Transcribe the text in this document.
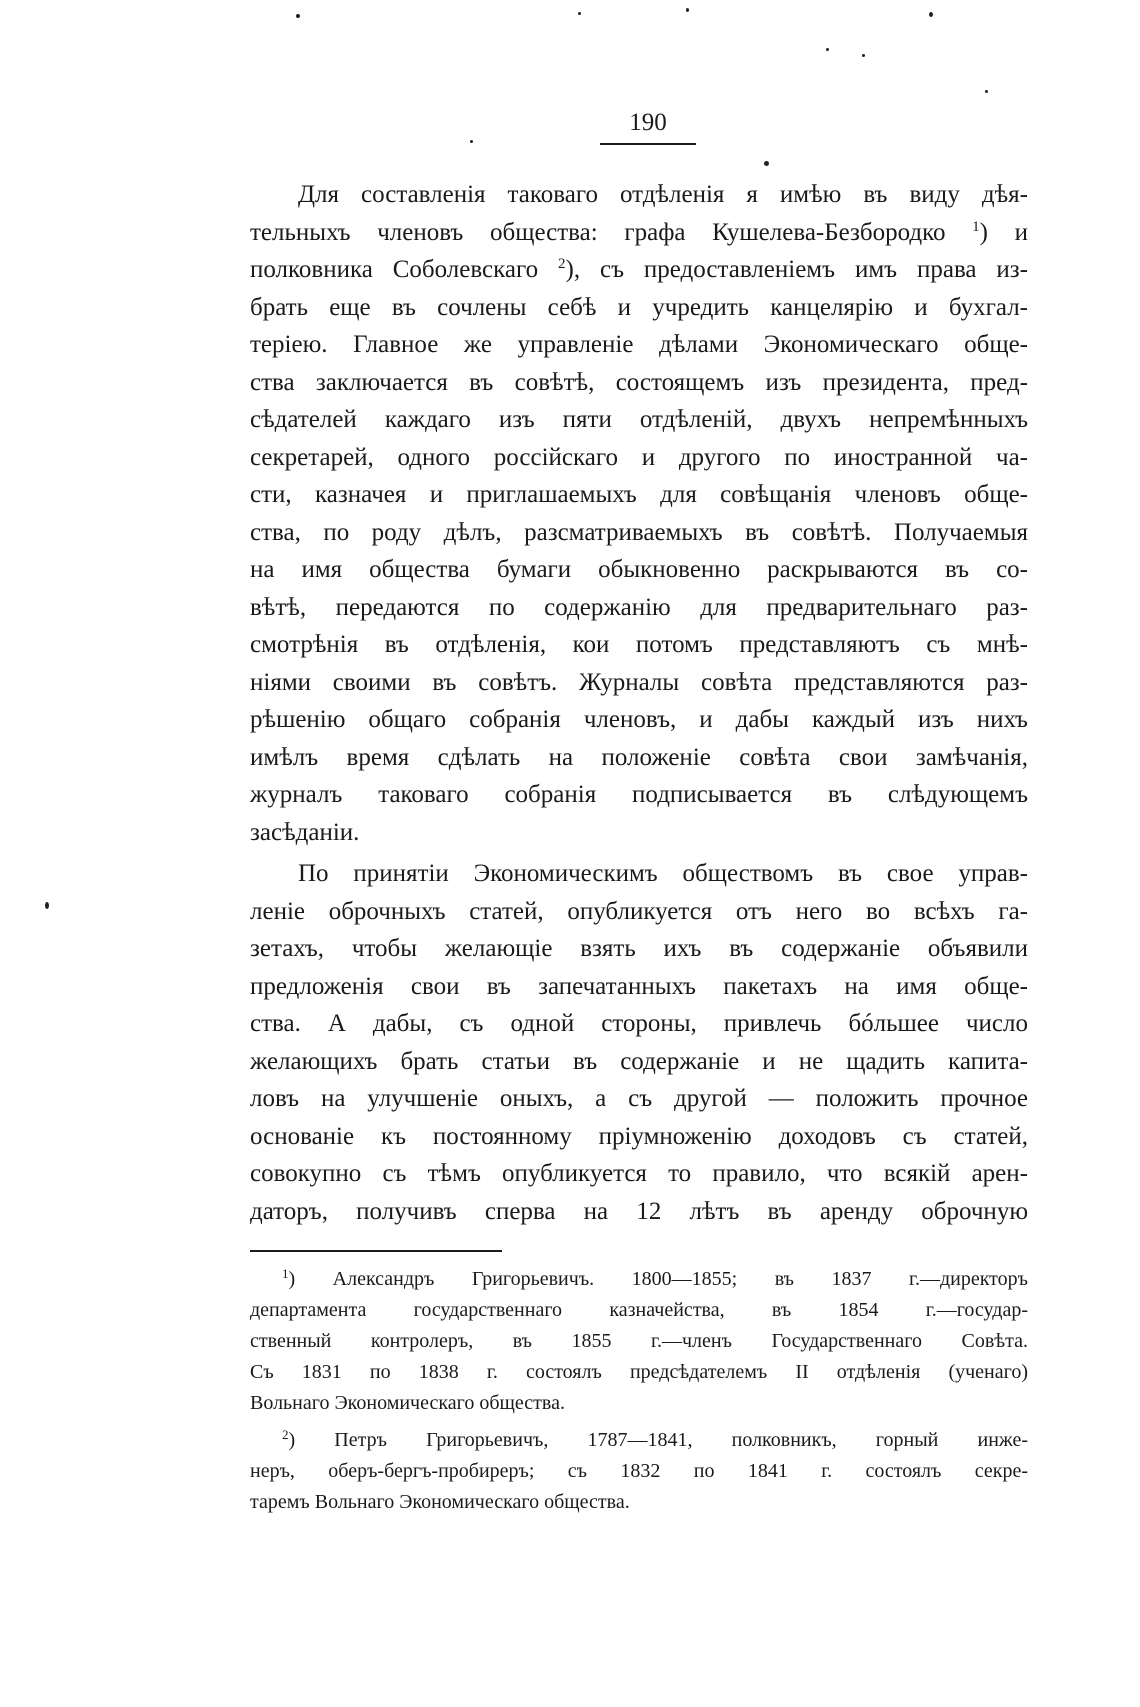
190
Для составленія таковаго отдѣленія я имѣю въ виду дѣя-
тельныхъ членовъ общества: графа Кушелева-Безбородко $^1$) и
полковника Соболевскаго $^2$), съ предоставленіемъ имъ права из-
брать еще въ сочлены себѣ и учредить канцелярію и бухгал-
теріею. Главное же управленіе дѣлами Экономическаго обще-
ства заключается въ совѣтѣ, состоящемъ изъ президента, пред-
сѣдателей каждаго изъ пяти отдѣленій, двухъ непремѣнныхъ
секретарей, одного россійскаго и другого по иностранной ча-
сти, казначея и приглашаемыхъ для совѣщанія членовъ обще-
ства, по роду дѣлъ, разсматриваемыхъ въ совѣтѣ. Получаемыя
на имя общества бумаги обыкновенно раскрываются въ со-
вѣтѣ, передаются по содержанію для предварительнаго раз-
смотрѣнія въ отдѣленія, кои потомъ представляютъ съ мнѣ-
ніями своими въ совѣтъ. Журналы совѣта представляются раз-
рѣшенію общаго собранія членовъ, и дабы каждый изъ нихъ
имѣлъ время сдѣлать на положеніе совѣта свои замѣчанія,
журналъ таковаго собранія подписывается въ слѣдующемъ
засѣданіи.
По принятіи Экономическимъ обществомъ въ свое управ-
леніе оброчныхъ статей, опубликуется отъ него во всѣхъ га-
зетахъ, чтобы желающіе взять ихъ въ содержаніе объявили
предложенія свои въ запечатанныхъ пакетахъ на имя обще-
ства. А дабы, съ одной стороны, привлечь бóльшее число
желающихъ брать статьи въ содержаніе и не щадить капита-
ловъ на улучшеніе оныхъ, а съ другой — положить прочное
основаніе къ постоянному пріумноженію доходовъ съ статей,
совокупно съ тѣмъ опубликуется то правило, что всякій арен-
даторъ, получивъ сперва на 12 лѣтъ въ аренду оброчную
$^1$) Александръ Григорьевичъ. 1800—1855; въ 1837 г.—директоръ
департамента государственнаго казначейства, въ 1854 г.—государ-
ственный контролеръ, въ 1855 г.—членъ Государственнаго Совѣта.
Съ 1831 по 1838 г. состоялъ предсѣдателемъ II отдѣленія (ученаго)
Вольнаго Экономическаго общества.
$^2$) Петръ Григорьевичъ, 1787—1841, полковникъ, горный инже-
неръ, оберъ-бергъ-пробиреръ; съ 1832 по 1841 г. состоялъ секре-
таремъ Вольнаго Экономическаго общества.
